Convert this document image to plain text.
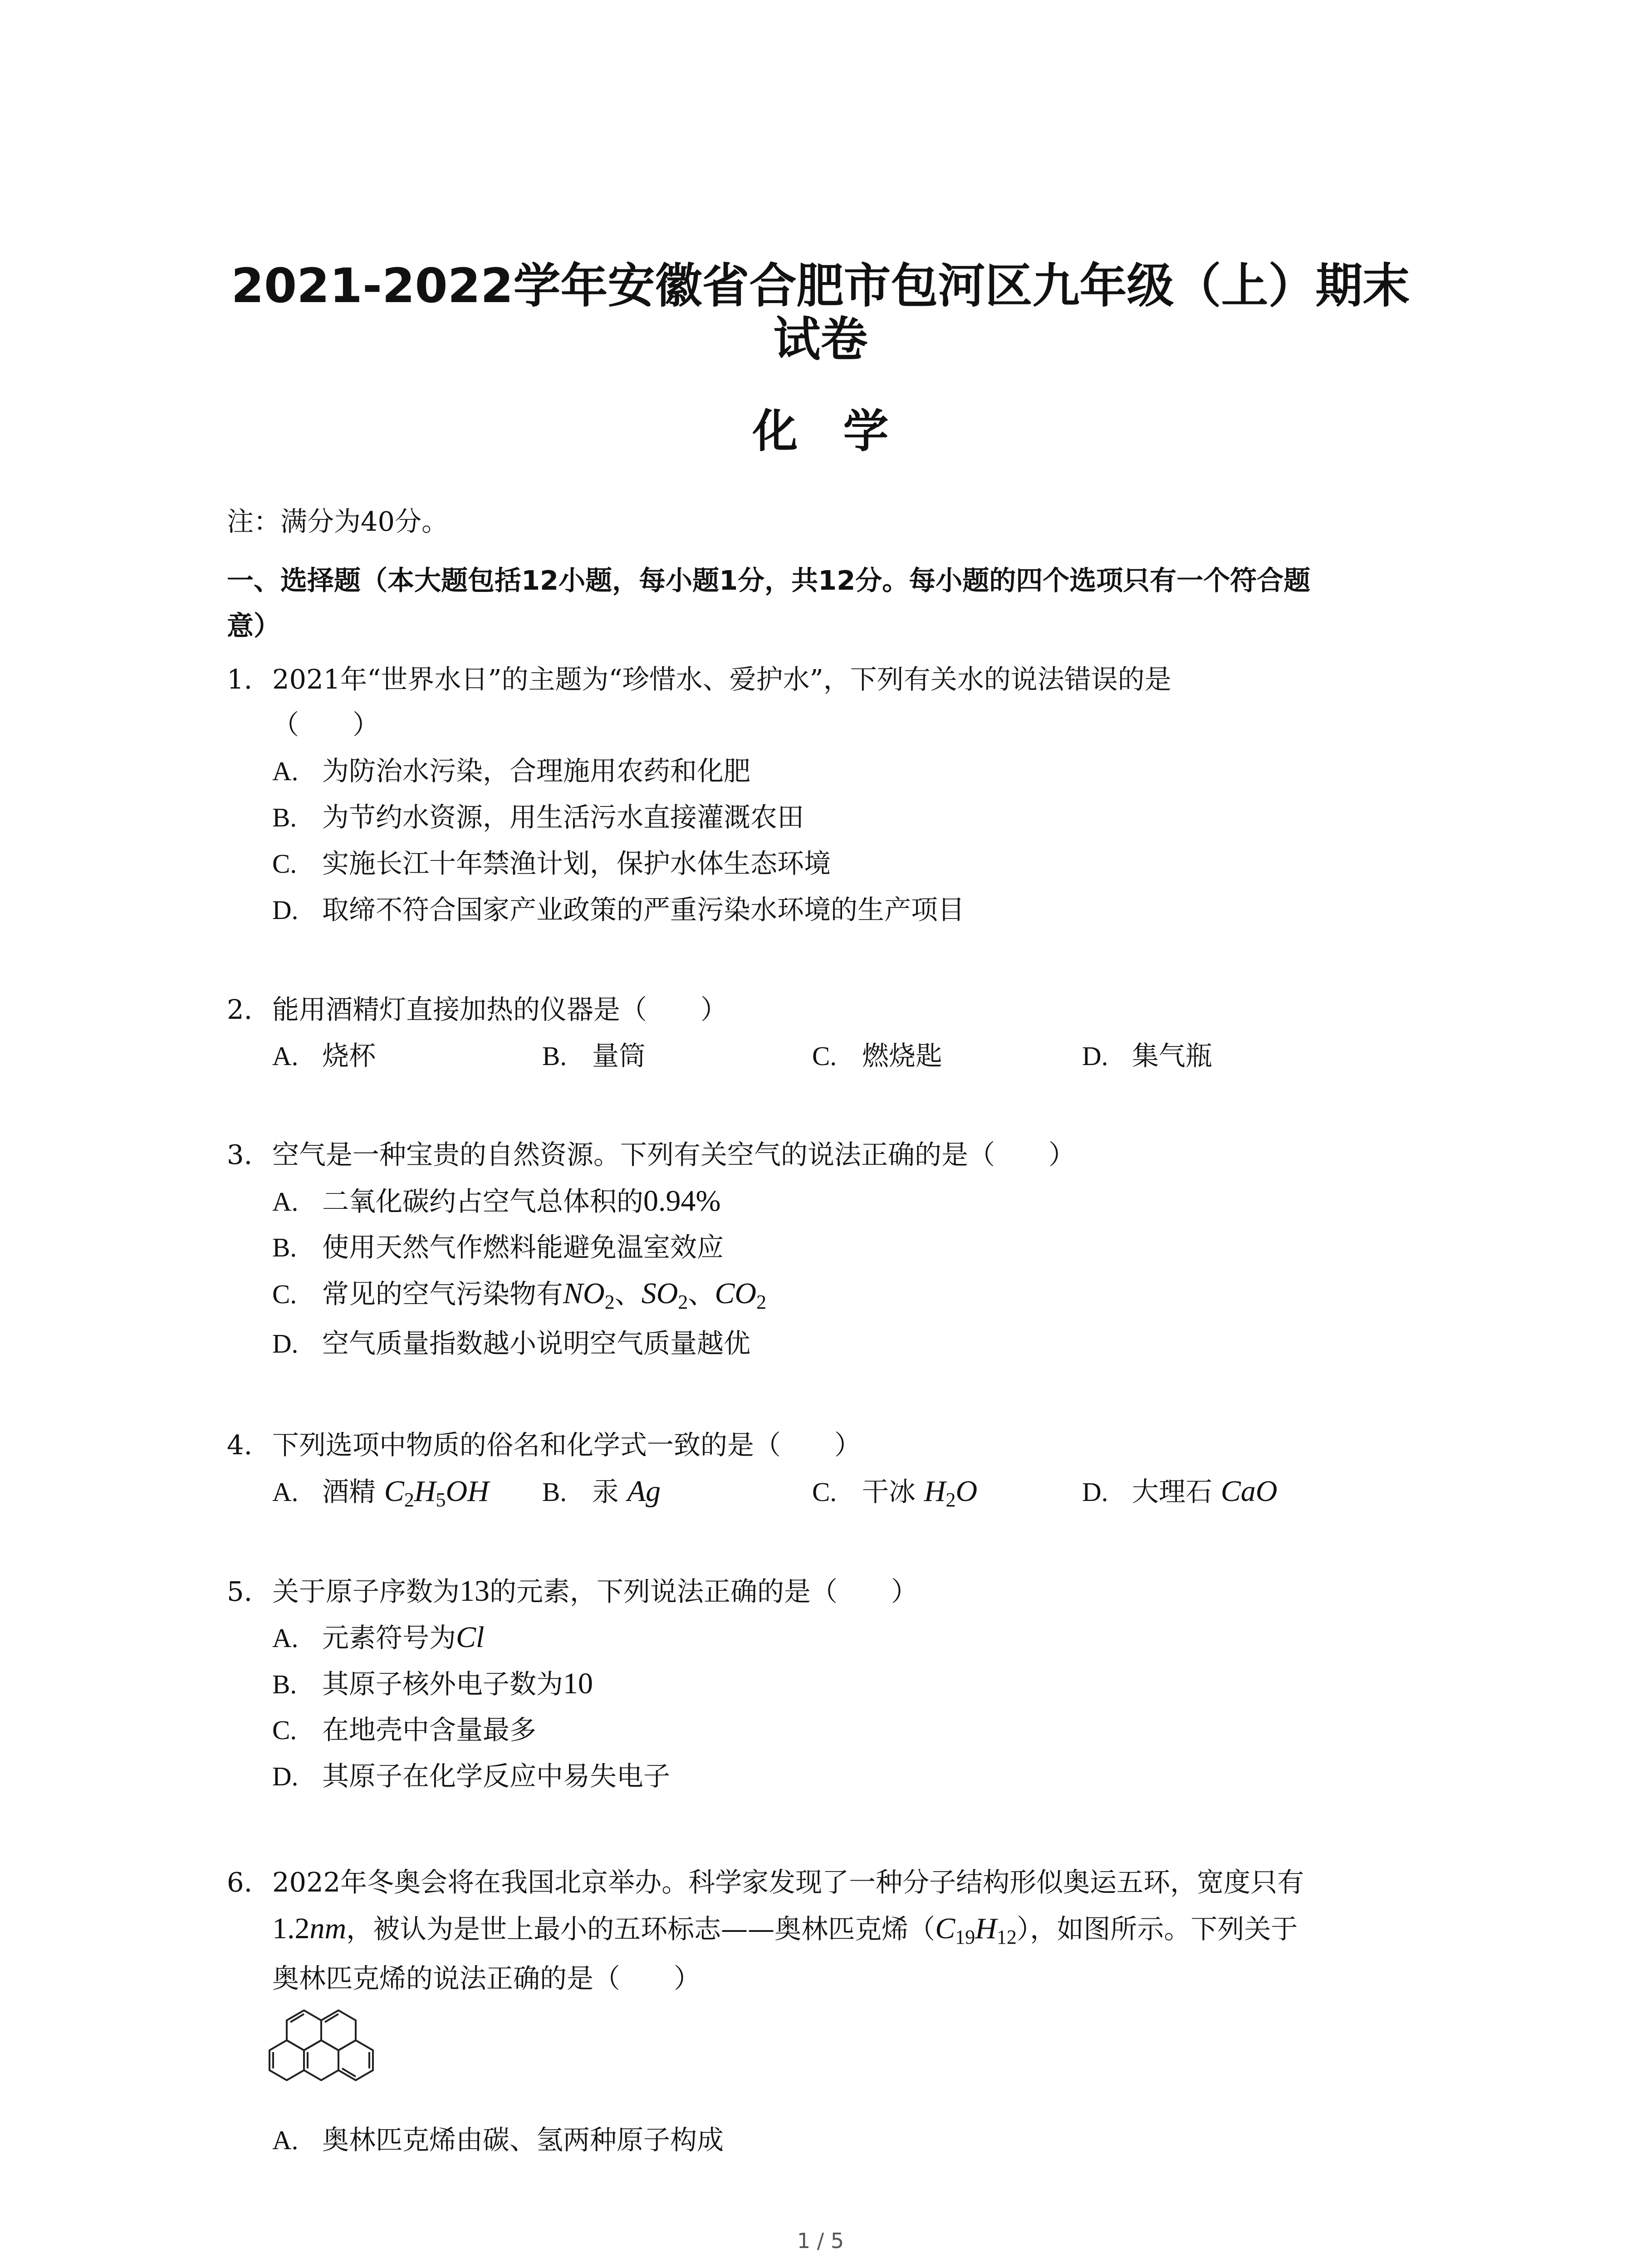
2021-2022学年安徽省合肥市包河区九年级（上）期末
试卷
化学
注：满分为40分。
一、选择题（本大题包括12小题，每小题1分，共12分。每小题的四个选项只有一个符合题
意）
1. 2021年“世界水日”的主题为“珍惜水、爱护水”，下列有关水的说法错误的是
（　　）
A. 为防治水污染，合理施用农药和化肥
B. 为节约水资源，用生活污水直接灌溉农田
C. 实施长江十年禁渔计划，保护水体生态环境
D. 取缔不符合国家产业政策的严重污染水环境的生产项目
2. 能用酒精灯直接加热的仪器是（　　）
A. 烧杯	B. 量筒	C. 燃烧匙	D. 集气瓶
3. 空气是一种宝贵的自然资源。下列有关空气的说法正确的是（　　）
A. 二氧化碳约占空气总体积的0.94%
B. 使用天然气作燃料能避免温室效应
C. 常见的空气污染物有$NO_2$、$SO_2$、$CO_2$
D. 空气质量指数越小说明空气质量越优
4. 下列选项中物质的俗名和化学式一致的是（　　）
A. 酒精 $C_2H_5OH$ B. 汞 Ag	C. 干冰 $H_2O$	D. 大理石 CaO
5. 关于原子序数为13的元素，下列说法正确的是（　　）
A. 元素符号为Cl
B. 其原子核外电子数为10
C. 在地壳中含量最多
D. 其原子在化学反应中易失电子
6. 2022年冬奥会将在我国北京举办。科学家发现了一种分子结构形似奥运五环，宽度只有
1.2nm，被认为是世上最小的五环标志——奥林匹克烯$(C_{19}H_{12})$，如图所示。下列关于
奥林匹克烯的说法正确的是（　　）
A. 奥林匹克烯由碳、氢两种原子构成
1 / 5
